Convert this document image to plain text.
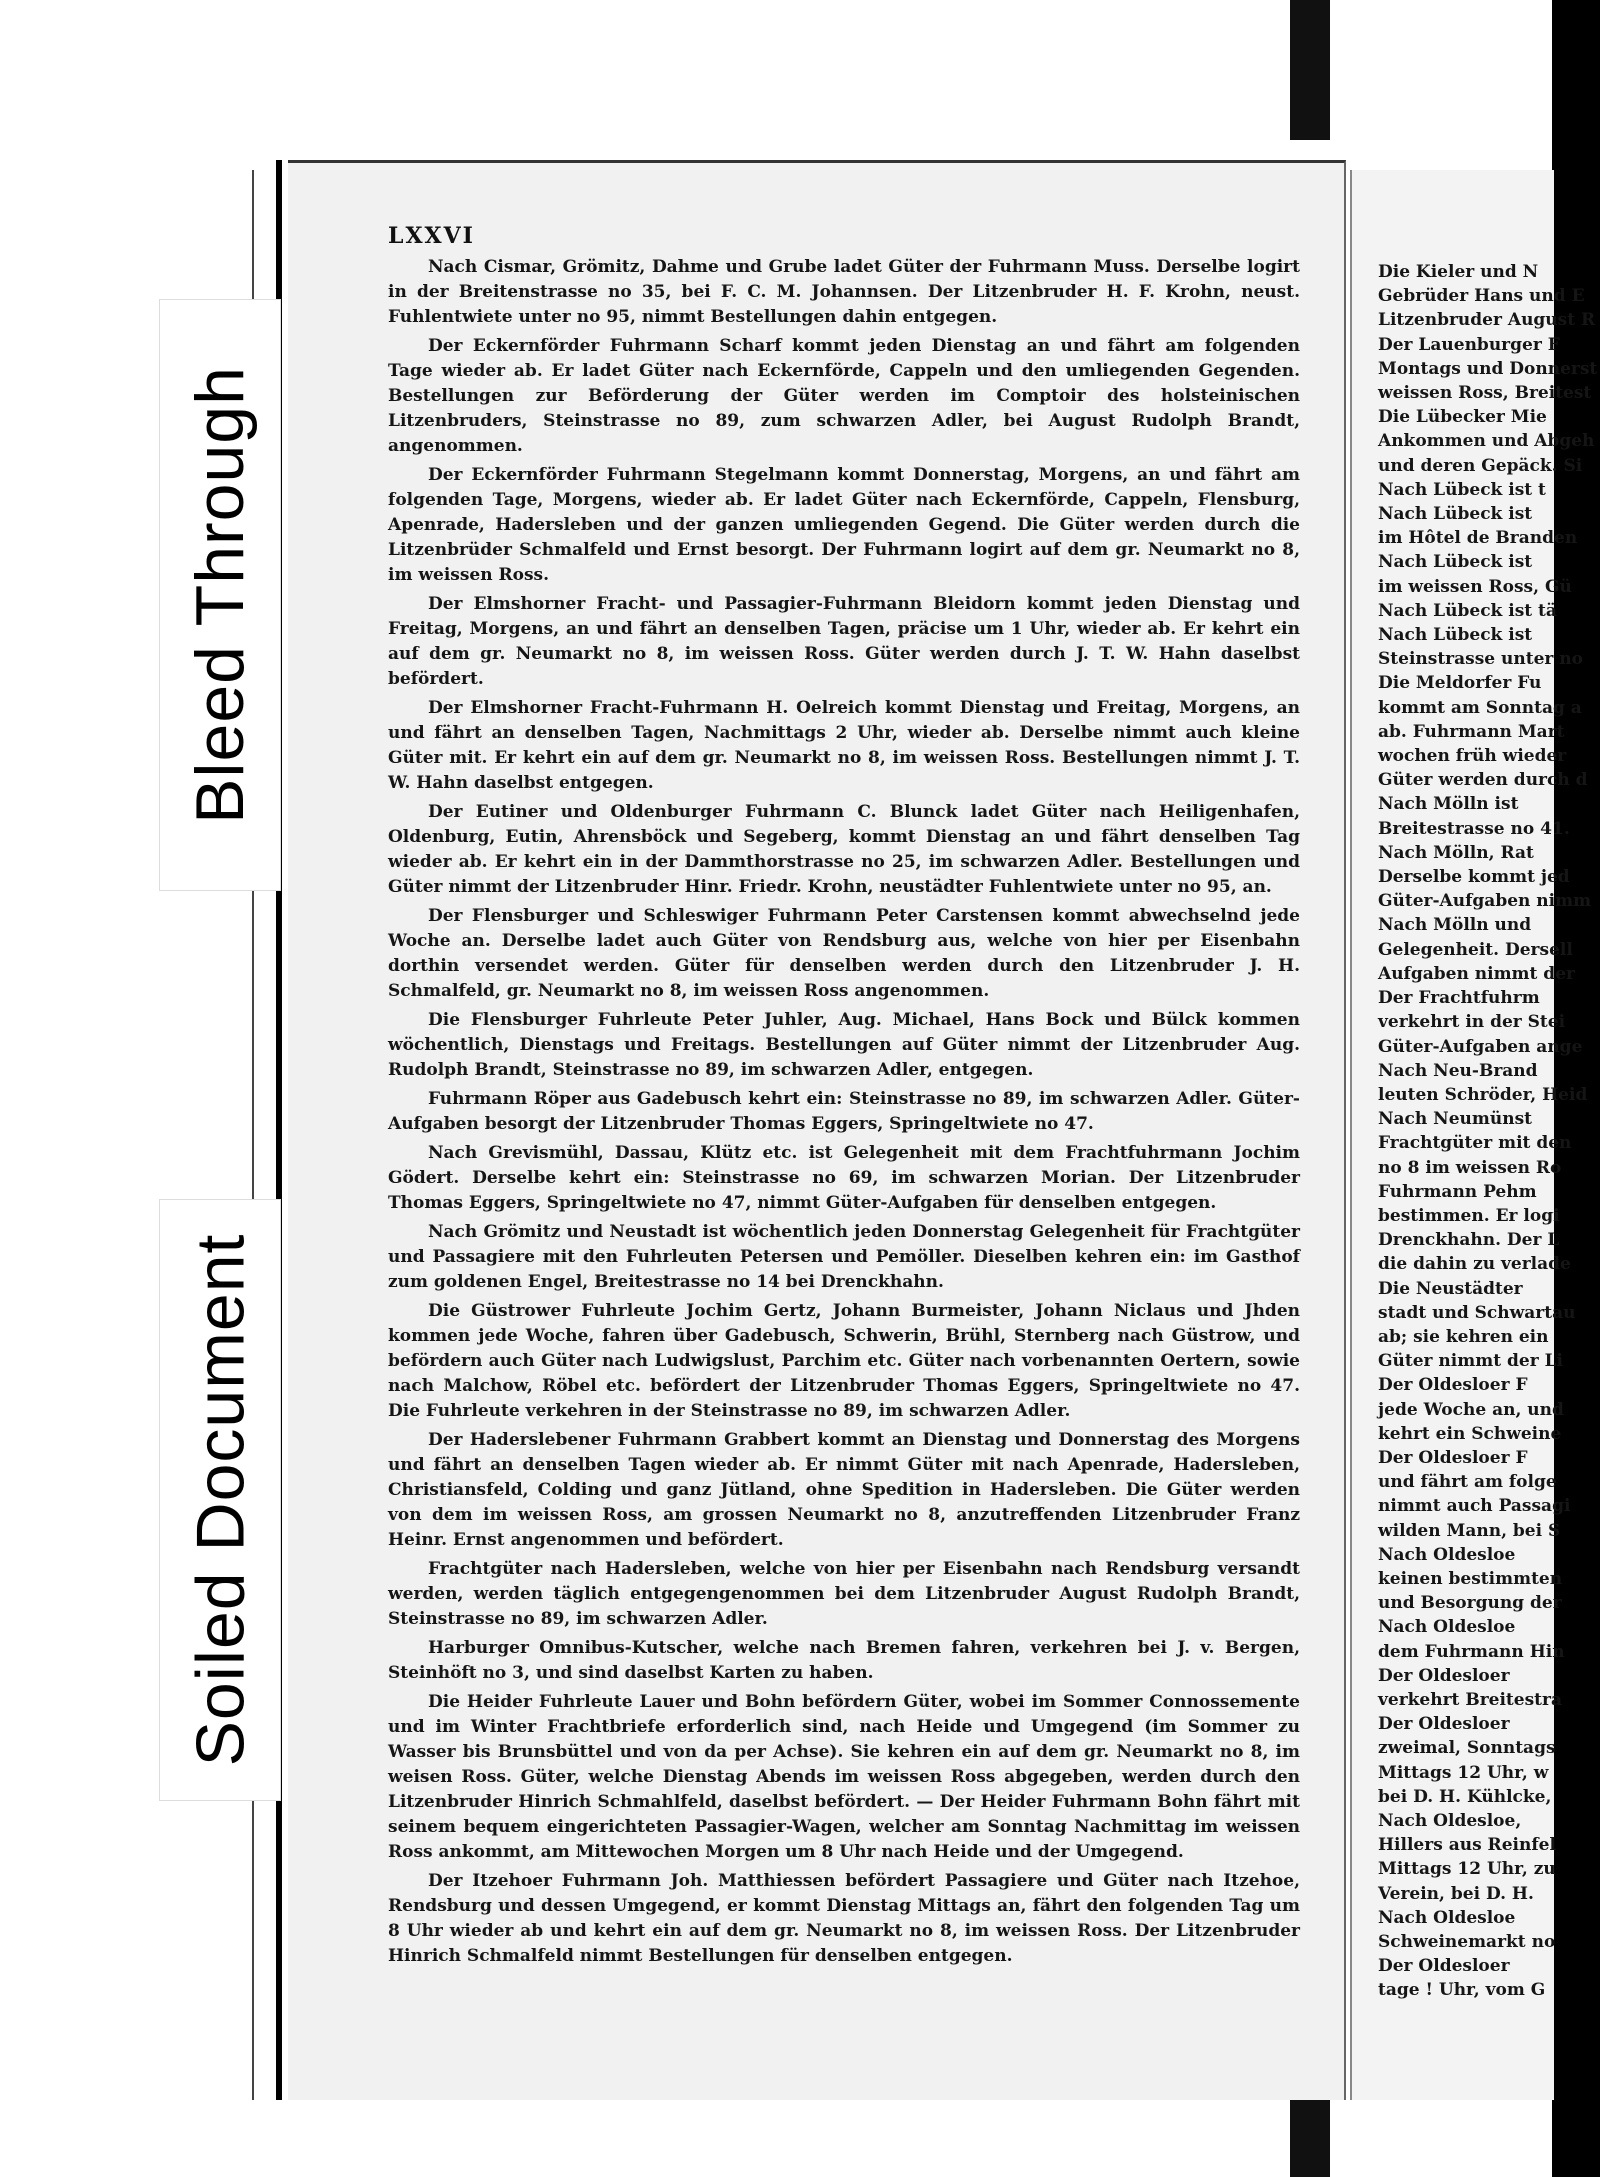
LXXVI

Nach Cismar, Grömitz, Dahme und Grube ladet Güter der Fuhrmann Muss. Derselbe logirt in der Breitenstrasse no 35, bei F. C. M. Johannsen. Der Litzenbruder H. F. Krohn, neust. Fuhlentwiete unter no 95, nimmt Bestellungen dahin entgegen.

Der Eckernförder Fuhrmann Scharf kommt jeden Dienstag an und fährt am folgenden Tage wieder ab. Er ladet Güter nach Eckernförde, Cappeln und den umliegenden Gegenden. Bestellungen zur Beförderung der Güter werden im Comptoir des holsteinischen Litzenbruders, Steinstrasse no 89, zum schwarzen Adler, bei August Rudolph Brandt, angenommen.

Der Eckernförder Fuhrmann Stegelmann kommt Donnerstag, Morgens, an und fährt am folgenden Tage, Morgens, wieder ab. Er ladet Güter nach Eckernförde, Cappeln, Flensburg, Apenrade, Hadersleben und der ganzen umliegenden Gegend. Die Güter werden durch die Litzenbrüder Schmalfeld und Ernst besorgt. Der Fuhrmann logirt auf dem gr. Neumarkt no 8, im weissen Ross.

Der Elmshorner Fracht- und Passagier-Fuhrmann Bleidorn kommt jeden Dienstag und Freitag, Morgens, an und fährt an denselben Tagen, präcise um 1 Uhr, wieder ab. Er kehrt ein auf dem gr. Neumarkt no 8, im weissen Ross. Güter werden durch J. T. W. Hahn daselbst befördert.

Der Elmshorner Fracht-Fuhrmann H. Oelreich kommt Dienstag und Freitag, Morgens, an und fährt an denselben Tagen, Nachmittags 2 Uhr, wieder ab. Derselbe nimmt auch kleine Güter mit. Er kehrt ein auf dem gr. Neumarkt no 8, im weissen Ross. Bestellungen nimmt J. T. W. Hahn daselbst entgegen.

Der Eutiner und Oldenburger Fuhrmann C. Blunck ladet Güter nach Heiligenhafen, Oldenburg, Eutin, Ahrensböck und Segeberg, kommt Dienstag an und fährt denselben Tag wieder ab. Er kehrt ein in der Dammthorstrasse no 25, im schwarzen Adler. Bestellungen und Güter nimmt der Litzenbruder Hinr. Friedr. Krohn, neustädter Fuhlentwiete unter no 95, an.

Der Flensburger und Schleswiger Fuhrmann Peter Carstensen kommt abwechselnd jede Woche an. Derselbe ladet auch Güter von Rendsburg aus, welche von hier per Eisenbahn dorthin versendet werden. Güter für denselben werden durch den Litzenbruder J. H. Schmalfeld, gr. Neumarkt no 8, im weissen Ross angenommen.

Die Flensburger Fuhrleute Peter Juhler, Aug. Michael, Hans Bock und Bülck kommen wöchentlich, Dienstags und Freitags. Bestellungen auf Güter nimmt der Litzenbruder Aug. Rudolph Brandt, Steinstrasse no 89, im schwarzen Adler, entgegen.

Fuhrmann Röper aus Gadebusch kehrt ein: Steinstrasse no 89, im schwarzen Adler. Güter-Aufgaben besorgt der Litzenbruder Thomas Eggers, Springeltwiete no 47.

Nach Grevismühl, Dassau, Klütz etc. ist Gelegenheit mit dem Frachtfuhrmann Jochim Gödert. Derselbe kehrt ein: Steinstrasse no 69, im schwarzen Morian. Der Litzenbruder Thomas Eggers, Springeltwiete no 47, nimmt Güter-Aufgaben für denselben entgegen.

Nach Grömitz und Neustadt ist wöchentlich jeden Donnerstag Gelegenheit für Frachtgüter und Passagiere mit den Fuhrleuten Petersen und Pemöller. Dieselben kehren ein: im Gasthof zum goldenen Engel, Breitestrasse no 14 bei Drenckhahn.

Die Güstrower Fuhrleute Jochim Gertz, Johann Burmeister, Johann Niclaus und Jhden kommen jede Woche, fahren über Gadebusch, Schwerin, Brühl, Sternberg nach Güstrow, und befördern auch Güter nach Ludwigslust, Parchim etc. Güter nach vorbenannten Oertern, sowie nach Malchow, Röbel etc. befördert der Litzenbruder Thomas Eggers, Springeltwiete no 47. Die Fuhrleute verkehren in der Steinstrasse no 89, im schwarzen Adler.

Der Haderslebener Fuhrmann Grabbert kommt an Dienstag und Donnerstag des Morgens und fährt an denselben Tagen wieder ab. Er nimmt Güter mit nach Apenrade, Hadersleben, Christiansfeld, Colding und ganz Jütland, ohne Spedition in Hadersleben. Die Güter werden von dem im weissen Ross, am grossen Neumarkt no 8, anzutreffenden Litzenbruder Franz Heinr. Ernst angenommen und befördert.

Frachtgüter nach Hadersleben, welche von hier per Eisenbahn nach Rendsburg versandt werden, werden täglich entgegengenommen bei dem Litzenbruder August Rudolph Brandt, Steinstrasse no 89, im schwarzen Adler.

Harburger Omnibus-Kutscher, welche nach Bremen fahren, verkehren bei J. v. Bergen, Steinhöft no 3, und sind daselbst Karten zu haben.

Die Heider Fuhrleute Lauer und Bohn befördern Güter, wobei im Sommer Connossemente und im Winter Frachtbriefe erforderlich sind, nach Heide und Umgegend (im Sommer zu Wasser bis Brunsbüttel und von da per Achse). Sie kehren ein auf dem gr. Neumarkt no 8, im weisen Ross. Güter, welche Dienstag Abends im weissen Ross abgegeben, werden durch den Litzenbruder Hinrich Schmahlfeld, daselbst befördert. — Der Heider Fuhrmann Bohn fährt mit seinem bequem eingerichteten Passagier-Wagen, welcher am Sonntag Nachmittag im weissen Ross ankommt, am Mittewochen Morgen um 8 Uhr nach Heide und der Umgegend.

Der Itzehoer Fuhrmann Joh. Matthiessen befördert Passagiere und Güter nach Itzehoe, Rendsburg und dessen Umgegend, er kommt Dienstag Mittags an, fährt den folgenden Tag um 8 Uhr wieder ab und kehrt ein auf dem gr. Neumarkt no 8, im weissen Ross. Der Litzenbruder Hinrich Schmalfeld nimmt Bestellungen für denselben entgegen.

Die Kieler und N
Gebrüder Hans und E
Litzenbruder August R
Der Lauenburger F
Montags und Donnerst
weissen Ross, Breitest
Die Lübecker Mie
Ankommen und Abgeh
und deren Gepäck. Si
Nach Lübeck ist t
Nach Lübeck ist
im Hôtel de Branden
Nach Lübeck ist
im weissen Ross, Gü
Nach Lübeck ist tä
Nach Lübeck ist
Steinstrasse unter no
Die Meldorfer Fu
kommt am Sonntag a
ab. Fuhrmann Mart
wochen früh wieder
Güter werden durch d
Nach Mölln ist
Breitestrasse no 41.
Nach Mölln, Rat
Derselbe kommt jed
Güter-Aufgaben nimm
Nach Mölln und
Gelegenheit. Dersell
Aufgaben nimmt der
Der Frachtfuhrm
verkehrt in der Stei
Güter-Aufgaben ange
Nach Neu-Brand
leuten Schröder, Heid
Nach Neumünst
Frachtgüter mit den
no 8 im weissen Ro
Fuhrmann Pehm
bestimmen. Er logi
Drenckhahn. Der L
die dahin zu verlade
Die Neustädter
stadt und Schwartau
ab; sie kehren ein
Güter nimmt der Li
Der Oldesloer F
jede Woche an, und
kehrt ein Schweine
Der Oldesloer F
und fährt am folge
nimmt auch Passagi
wilden Mann, bei S
Nach Oldesloe
keinen bestimmten
und Besorgung der
Nach Oldesloe
dem Fuhrmann Hin
Der Oldesloer
verkehrt Breitestra
Der Oldesloer
zweimal, Sonntags
Mittags 12 Uhr, w
bei D. H. Kühlcke,
Nach Oldesloe,
Hillers aus Reinfel
Mittags 12 Uhr, zu
Verein, bei D. H.
Nach Oldesloe
Schweinemarkt no
Der Oldesloer
tage ! Uhr, vom G
Bleed Through
Soiled Document
